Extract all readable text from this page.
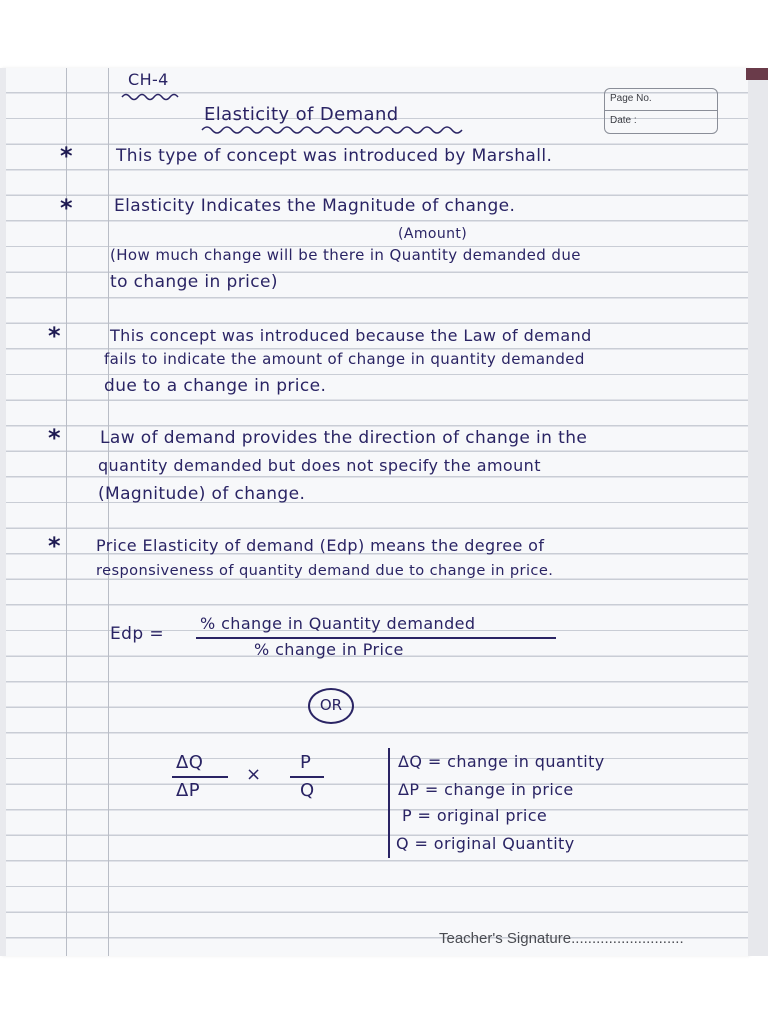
CH-4
Elasticity of Demand
Page No.
Date :
*	This type of concept was introduced by Marshall.
* Elasticity Indicates the Magnitude of change.
(Amount)
(How much change will be there in Quantity demanded due
to change in price)
*	This concept was introduced because the Law of demand
fails to indicate the amount of change in quantity demanded
due to a change in price.
* Law of demand provides the direction of change in the
quantity demanded but does not specify the amount
(Magnitude) of change.
* Price Elasticity of demand (Edp) means the degree of
responsiveness of quantity demand due to change in price.
Edp =
% change in Quantity demanded
% change in Price
OR
ΔQ
ΔP
×
P
Q
ΔQ = change in quantity
ΔP = change in price
P = original price
Q = original Quantity
Teacher's Signature...........................
